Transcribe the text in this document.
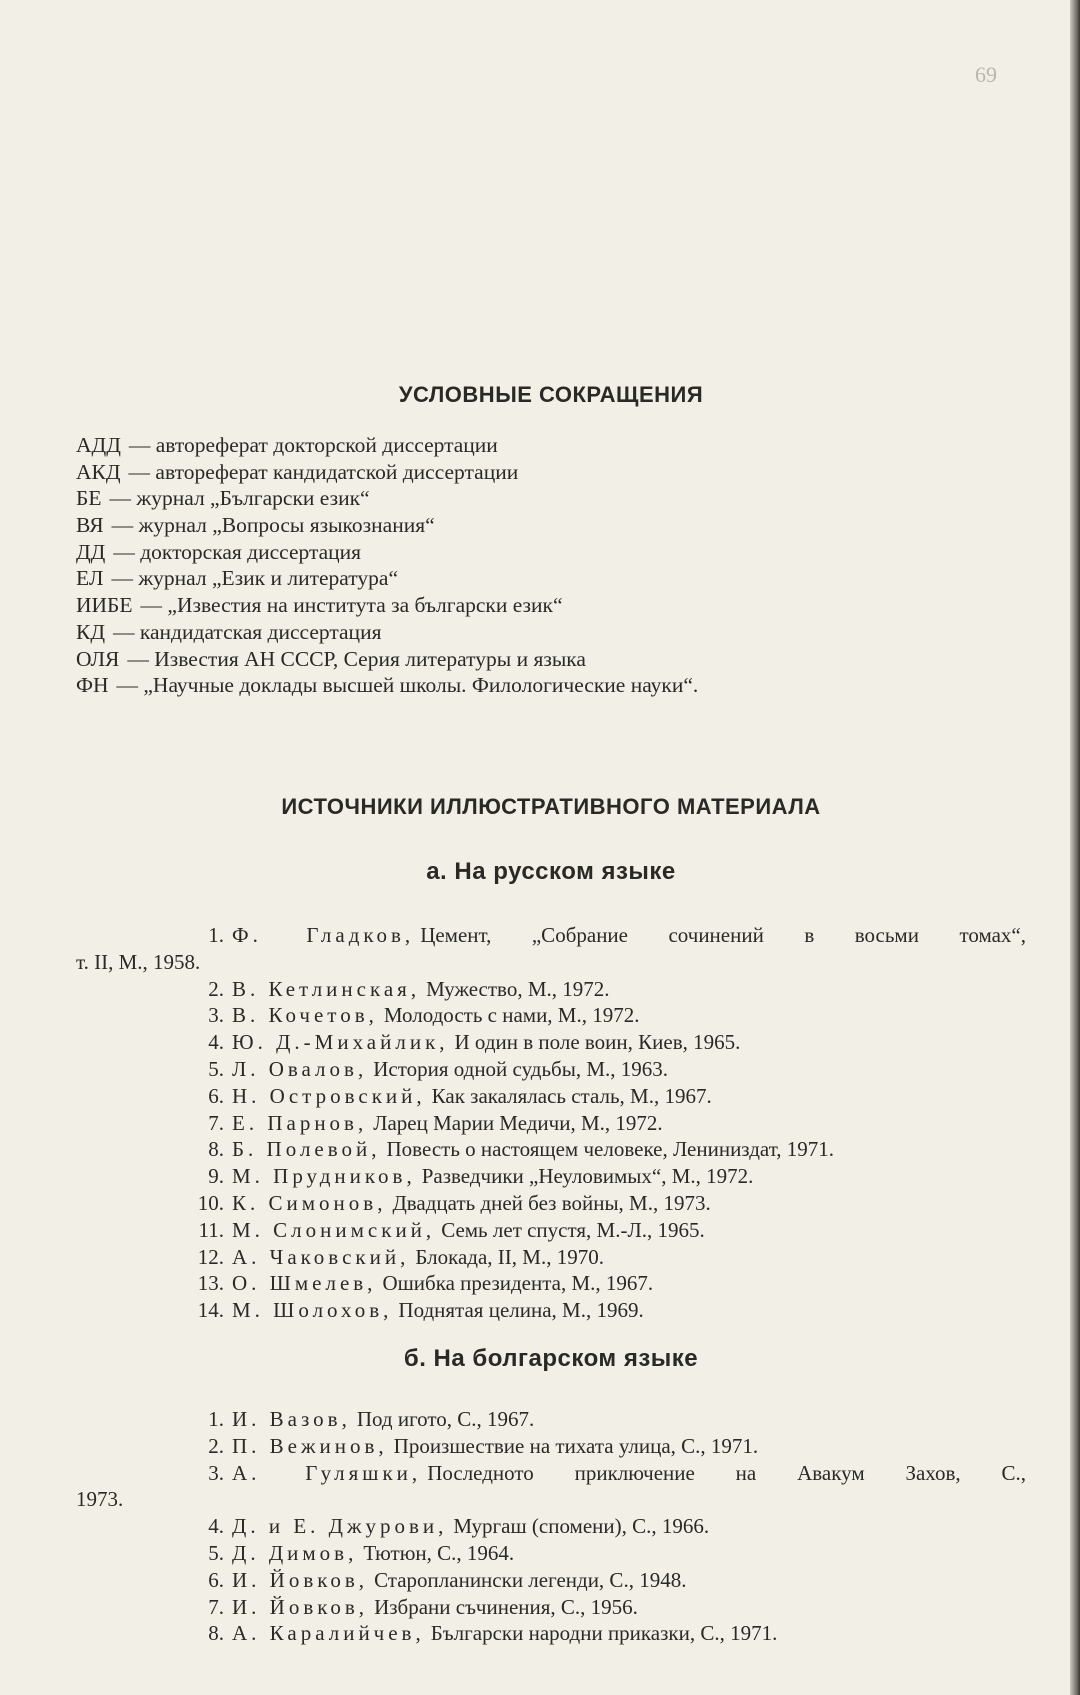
69
УСЛОВНЫЕ СОКРАЩЕНИЯ
АДД — автореферат докторской диссертации
АКД — автореферат кандидатской диссертации
БЕ — журнал „Български език“
ВЯ — журнал „Вопросы языкознания“
ДД — докторская диссертация
ЕЛ — журнал „Език и литература“
ИИБЕ — „Известия на института за български език“
КД — кандидатская диссертация
ОЛЯ — Известия АН СССР, Серия литературы и языка
ФН — „Научные доклады высшей школы. Филологические науки“.
ИСТОЧНИКИ ИЛЛЮСТРАТИВНОГО МАТЕРИАЛА
а. На русском языке
1. Ф. Гладков, Цемент, „Собрание сочинений в восьми томах“,
т. II, М., 1958.
2. В. Кетлинская, Мужество, М., 1972.
3. В. Кочетов, Молодость с нами, М., 1972.
4. Ю. Д.-Михайлик, И один в поле воин, Киев, 1965.
5. Л. Овалов, История одной судьбы, М., 1963.
6. Н. Островский, Как закалялась сталь, М., 1967.
7. Е. Парнов, Ларец Марии Медичи, М., 1972.
8. Б. Полевой, Повесть о настоящем человеке, Лениниздат, 1971.
9. М. Прудников, Разведчики „Неуловимых“, М., 1972.
10. К. Симонов, Двадцать дней без войны, М., 1973.
11. М. Слонимский, Семь лет спустя, М.-Л., 1965.
12. А. Чаковский, Блокада, II, М., 1970.
13. О. Шмелев, Ошибка президента, М., 1967.
14. М. Шолохов, Поднятая целина, М., 1969.
б. На болгарском языке
1. И. Вазов, Под игото, С., 1967.
2. П. Вежинов, Произшествие на тихата улица, С., 1971.
3. А. Гуляшки, Последното приключение на Авакум Захов, С.,
1973.
4. Д. и Е. Джурови, Мургаш (спомени), С., 1966.
5. Д. Димов, Тютюн, С., 1964.
6. И. Йовков, Старопланински легенди, С., 1948.
7. И. Йовков, Избрани съчинения, С., 1956.
8. А. Каралийчев, Български народни приказки, С., 1971.
